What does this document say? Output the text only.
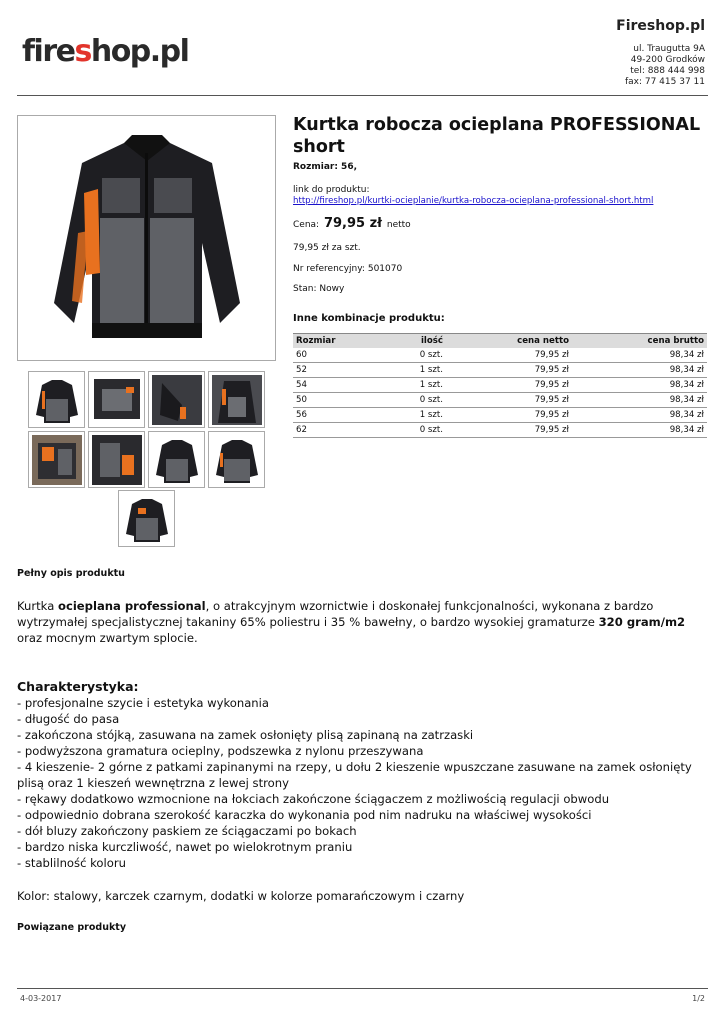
fireshop.pl
Fireshop.pl
ul. Traugutta 9A
49-200 Grodków
tel: 888 444 998
fax: 77 415 37 11
Kurtka robocza ocieplana PROFESSIONAL short
Rozmiar: 56,
link do produktu:
http://fireshop.pl/kurtki-ocieplanie/kurtka-robocza-ocieplana-professional-short.html
Cena: 79,95 zł netto
79,95 zł za szt.
Nr referencyjny: 501070
Stan: Nowy
Inne kombinacje produktu:
Rozmiar	ilość	cena netto	cena brutto
60	0 szt.	79,95 zł	98,34 zł
52	1 szt.	79,95 zł	98,34 zł
54	1 szt.	79,95 zł	98,34 zł
50	0 szt.	79,95 zł	98,34 zł
56	1 szt.	79,95 zł	98,34 zł
62	0 szt.	79,95 zł	98,34 zł
Pełny opis produktu

Kurtka ocieplana professional, o atrakcyjnym wzornictwie i doskonałej funkcjonalności, wykonana z bardzo wytrzymałej specjalistycznej takaniny 65% poliestru i 35 % bawełny, o bardzo wysokiej gramaturze 320 gram/m2 oraz mocnym zwartym splocie.

Charakterystyka:
- profesjonalne szycie i estetyka wykonania
- długość do pasa
- zakończona stójką, zasuwana na zamek osłonięty plisą zapinaną na zatrzaski
- podwyższona gramatura ocieplny, podszewka z nylonu przeszywana
- 4 kieszenie- 2 górne z patkami zapinanymi na rzepy, u dołu 2 kieszenie wpuszczane zasuwane na zamek osłonięty plisą oraz 1 kieszeń wewnętrzna z lewej strony
- rękawy dodatkowo wzmocnione na łokciach zakończone ściągaczem z możliwością regulacji obwodu
- odpowiednio dobrana szerokość karaczka do wykonania pod nim nadruku na właściwej wysokości
- dół bluzy zakończony paskiem ze ściągaczami po bokach
- bardzo niska kurczliwość, nawet po wielokrotnym praniu
- stablilność koloru
Kolor: stalowy, karczek czarnym, dodatki w kolorze pomarańczowym i czarny
Powiązane produkty
4-03-2017	1/2
